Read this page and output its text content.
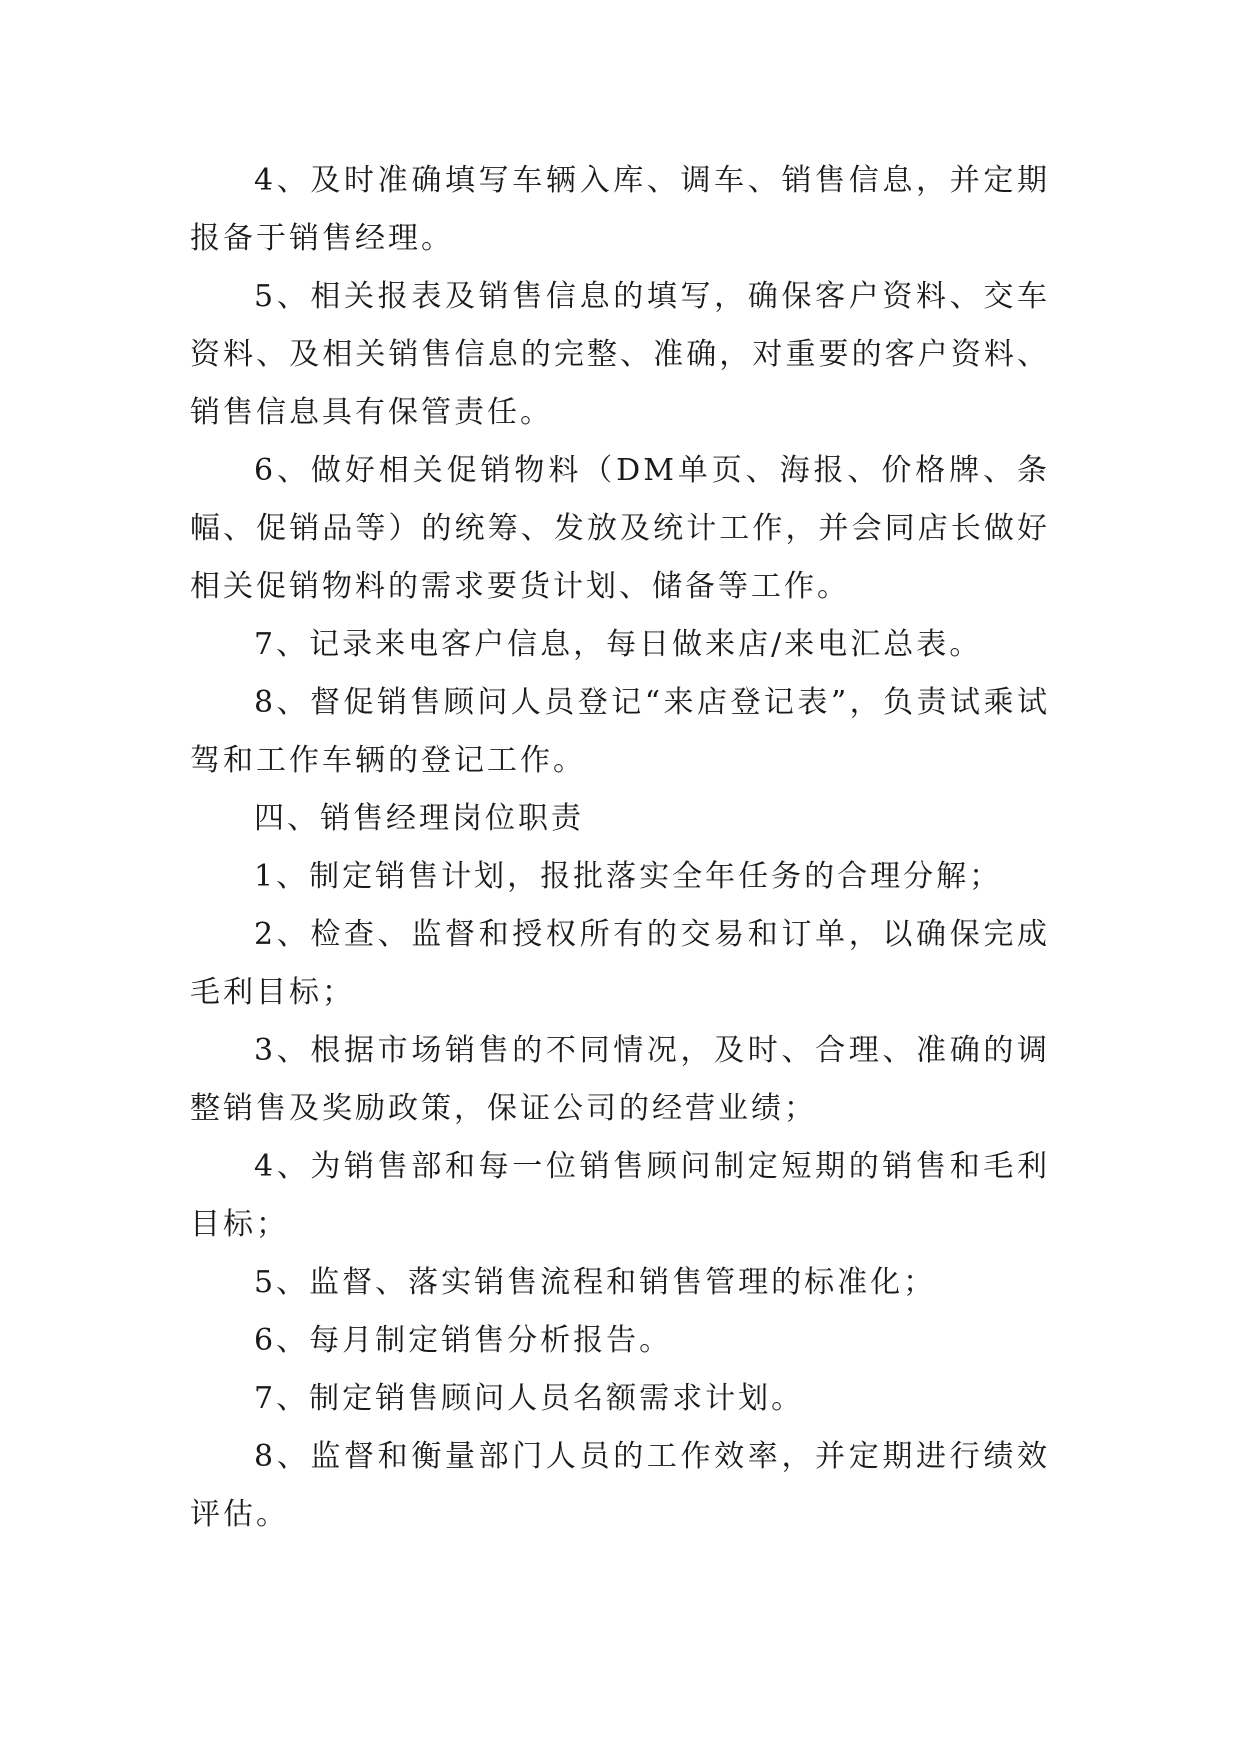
4、及时准确填写车辆入库、调车、销售信息，并定期报备于销售经理。

5、相关报表及销售信息的填写，确保客户资料、交车资料、及相关销售信息的完整、准确，对重要的客户资料、销售信息具有保管责任。

6、做好相关促销物料（DM单页、海报、价格牌、条幅、促销品等）的统筹、发放及统计工作，并会同店长做好相关促销物料的需求要货计划、储备等工作。

7、记录来电客户信息，每日做来店/来电汇总表。

8、督促销售顾问人员登记“来店登记表”，负责试乘试驾和工作车辆的登记工作。

四、销售经理岗位职责

1、制定销售计划，报批落实全年任务的合理分解；

2、检查、监督和授权所有的交易和订单，以确保完成毛利目标；

3、根据市场销售的不同情况，及时、合理、准确的调整销售及奖励政策，保证公司的经营业绩；

4、为销售部和每一位销售顾问制定短期的销售和毛利目标；

5、监督、落实销售流程和销售管理的标准化；

6、每月制定销售分析报告。

7、制定销售顾问人员名额需求计划。

8、监督和衡量部门人员的工作效率，并定期进行绩效评估。
